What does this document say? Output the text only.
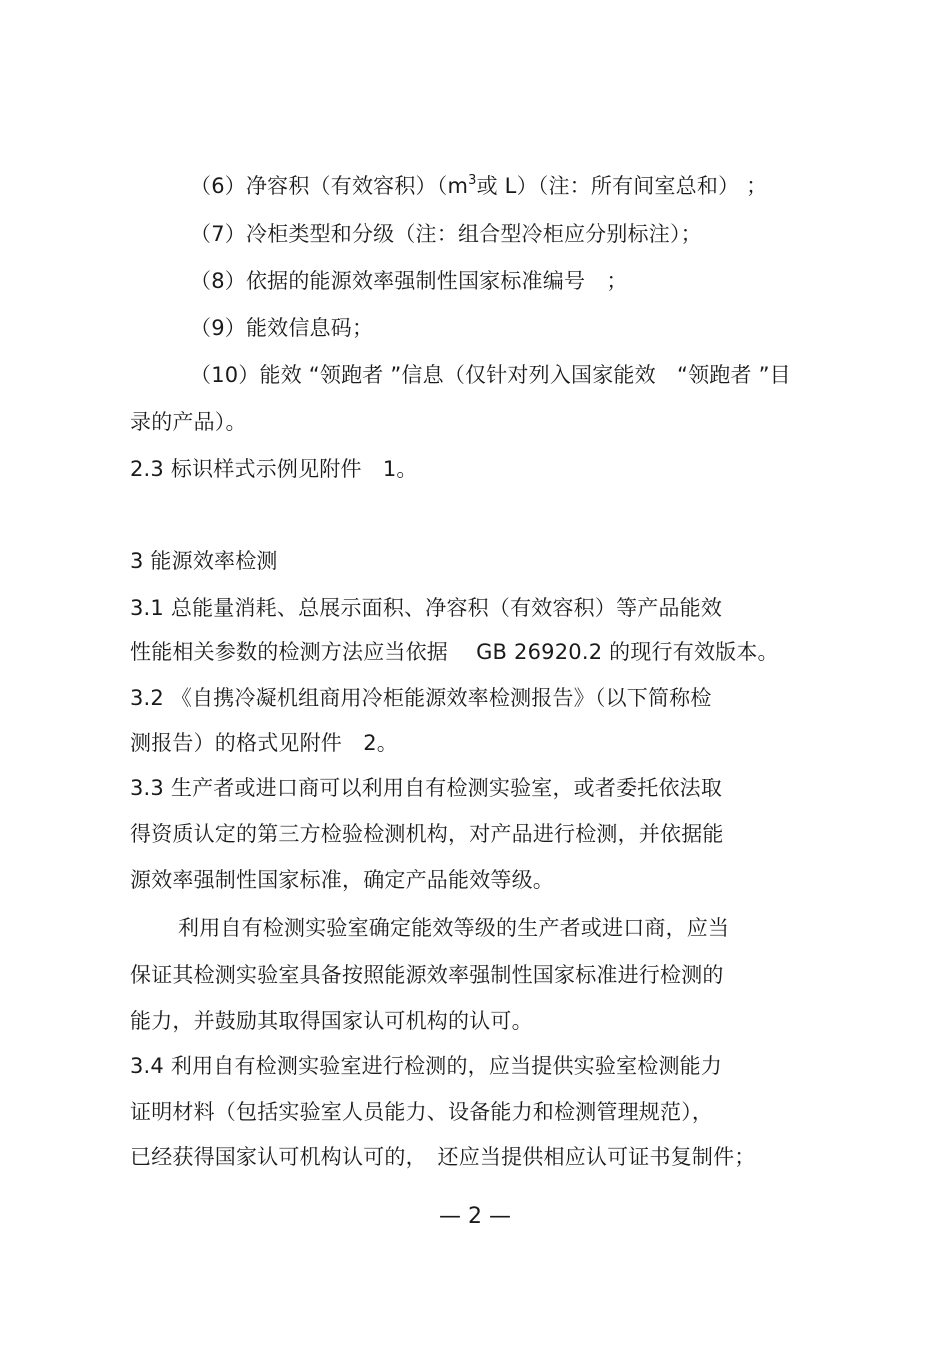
（6）净容积（有效容积）（$m^3$或 L）（注：所有间室总和） ；
（7）冷柜类型和分级（注：组合型冷柜应分别标注）；
（8）依据的能源效率强制性国家标准编号　；
（9）能效信息码；
（10）能效 “领跑者 ”信息（仅针对列入国家能效　“领跑者 ”目
录的产品）。
2.3 标识样式示例见附件　1。
3 能源效率检测
3.1 总能量消耗、总展示面积、净容积（有效容积）等产品能效
性能相关参数的检测方法应当依据　 GB 26920.2 的现行有效版本。
3.2 《自携冷凝机组商用冷柜能源效率检测报告》（以下简称检
测报告）的格式见附件　2。
3.3 生产者或进口商可以利用自有检测实验室，或者委托依法取
得资质认定的第三方检验检测机构，对产品进行检测，并依据能
源效率强制性国家标准，确定产品能效等级。
利用自有检测实验室确定能效等级的生产者或进口商，应当
保证其检测实验室具备按照能源效率强制性国家标准进行检测的
能力，并鼓励其取得国家认可机构的认可。
3.4 利用自有检测实验室进行检测的，应当提供实验室检测能力
证明材料（包括实验室人员能力、设备能力和检测管理规范），
已经获得国家认可机构认可的，　还应当提供相应认可证书复制件；
— 2 —
